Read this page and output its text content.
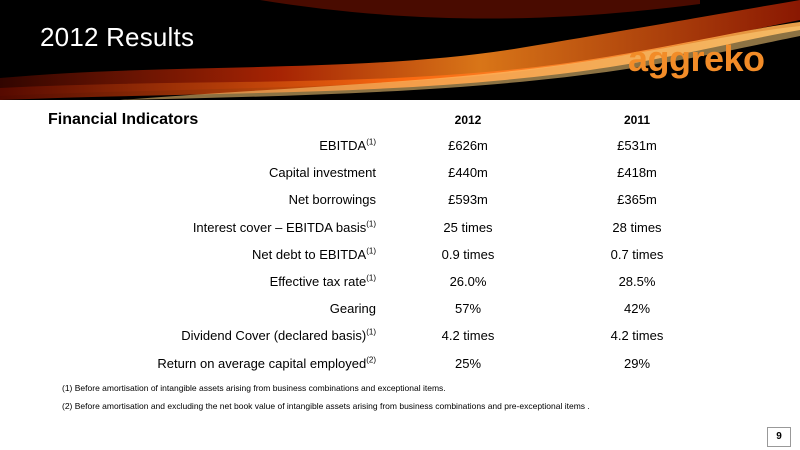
2012 Results
aggreko
Financial Indicators	2012	2011
EBITDA$^{(1)}$	£626m	£531m
Capital investment	£440m	£418m
Net borrowings	£593m	£365m
Interest cover – EBITDA basis$^{(1)}$	25 times	28 times
Net debt to EBITDA$^{(1)}$	0.9 times	0.7 times
Effective tax rate$^{(1)}$	26.0%	28.5%
Gearing	57%	42%
Dividend Cover (declared basis)$^{(1)}$	4.2 times	4.2 times
Return on average capital employed$^{(2)}$	25%	29%
(1) Before amortisation of intangible assets arising from business combinations and exceptional items.
(2) Before amortisation and excluding the net book value of intangible assets arising from business combinations and pre-exceptional items .
9
